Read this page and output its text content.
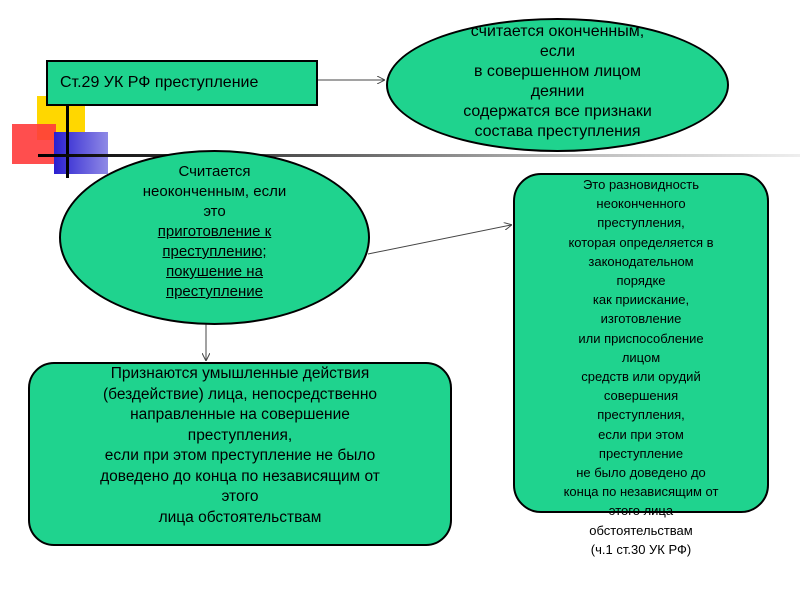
Ст.29 УК РФ преступление
считается оконченным,
если
в совершенном лицом
деянии
содержатся все признаки
состава преступления
Считается
неоконченным, если
это
приготовление к
преступлению;
покушение на
преступление
Это разновидность
неоконченного
преступления,
которая определяется в
законодательном
порядке
как приискание,
изготовление
или приспособление
лицом
средств или орудий
совершения
преступления,
если при этом
преступление
не было доведено до
конца по независящим от
этого лица
обстоятельствам
(ч.1 ст.30 УК РФ)
Признаются умышленные действия
(бездействие) лица, непосредственно
направленные на совершение
преступления,
если при этом преступление не было
доведено до конца по независящим от
этого
лица обстоятельствам
